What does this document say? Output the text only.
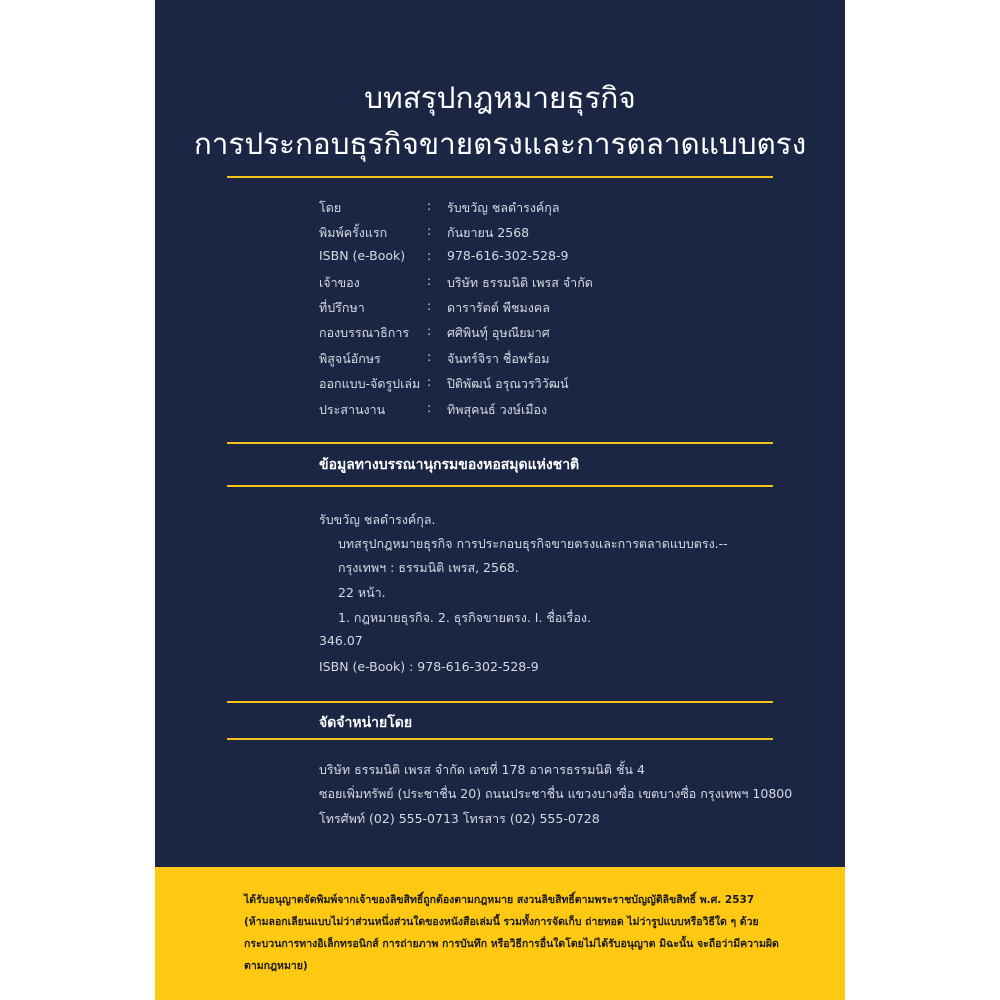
บทสรุปกฎหมายธุรกิจ
การประกอบธุรกิจขายตรงและการตลาดแบบตรง
โดย	: รับขวัญ ชลดำรงค์กุล
พิมพ์ครั้งแรก	: กันยายน 2568
ISBN (e-Book) : 978-616-302-528-9
เจ้าของ	: บริษัท ธรรมนิติ เพรส จำกัด
ที่ปรึกษา	: ดารารัตต์ พืชมงคล
กองบรรณาธิการ : ศศิพินทุ์ อุษณียมาศ
พิสูจน์อักษร	: จันทร์จิรา ชื่อพร้อม
ออกแบบ-จัดรูปเล่ม : ปิติพัฒน์ อรุณวรวิวัฒน์
ประสานงาน	: ทิพสุคนธ์ วงษ์เมือง
ข้อมูลทางบรรณานุกรมของหอสมุดแห่งชาติ
รับขวัญ ชลดำรงค์กุล.
บทสรุปกฎหมายธุรกิจ การประกอบธุรกิจขายตรงและการตลาดแบบตรง.--
กรุงเทพฯ : ธรรมนิติ เพรส, 2568.
22 หน้า.
1. กฎหมายธุรกิจ. 2. ธุรกิจขายตรง. I. ชื่อเรื่อง.
346.07
ISBN (e-Book) : 978-616-302-528-9
จัดจำหน่ายโดย
บริษัท ธรรมนิติ เพรส จำกัด เลขที่ 178 อาคารธรรมนิติ ชั้น 4
ซอยเพิ่มทรัพย์ (ประชาชื่น 20) ถนนประชาชื่น แขวงบางซื่อ เขตบางซื่อ กรุงเทพฯ 10800
โทรศัพท์ (02) 555-0713 โทรสาร (02) 555-0728
ได้รับอนุญาตจัดพิมพ์จากเจ้าของลิขสิทธิ์ถูกต้องตามกฎหมาย สงวนลิขสิทธิ์ตามพระราชบัญญัติลิขสิทธิ์ พ.ศ. 2537
(ห้ามลอกเลียนแบบไม่ว่าส่วนหนึ่งส่วนใดของหนังสือเล่มนี้ รวมทั้งการจัดเก็บ ถ่ายทอด ไม่ว่ารูปแบบหรือวิธีใด ๆ ด้วย
กระบวนการทางอิเล็กทรอนิกส์ การถ่ายภาพ การบันทึก หรือวิธีการอื่นใดโดยไม่ได้รับอนุญาต มิฉะนั้น จะถือว่ามีความผิด
ตามกฎหมาย)
